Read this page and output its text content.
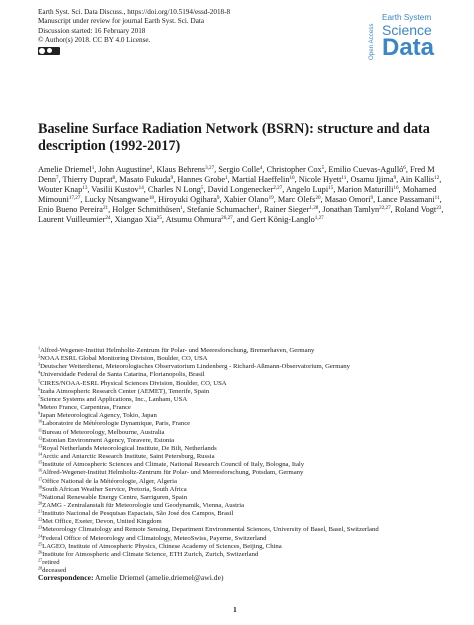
Earth Syst. Sci. Data Discuss., https://doi.org/10.5194/essd-2018-8
Manuscript under review for journal Earth Syst. Sci. Data
Discussion started: 16 February 2018
© Author(s) 2018. CC BY 4.0 License.	Open Access
Earth System
Science
Data
Baseline Surface Radiation Network (BSRN): structure and data description (1992-2017)
Amelie Driemel$^1$, John Augustine$^2$, Klaus Behrens$^{3,27}$, Sergio Colle$^4$, Christopher Cox$^5$, Emilio Cuevas-Agulló$^6$, Fred M Denn$^7$, Thierry Duprat$^8$, Masato Fukuda$^9$, Hannes Grobe$^1$, Martial Haeffelin$^{10}$, Nicole Hyett$^{11}$, Osamu Ijima$^9$, Ain Kallis$^{12}$, Wouter Knap$^{13}$, Vasilii Kustov$^{14}$, Charles N Long$^5$, David Longenecker$^{2,27}$, Angelo Lupi$^{15}$, Marion Maturilli$^{16}$, Mohamed Mimouni$^{17,27}$, Lucky Ntsangwane$^{18}$, Hiroyuki Ogihara$^9$, Xabier Olano$^{19}$, Marc Olefs$^{20}$, Masao Omori$^9$, Lance Passamani$^{11}$, Enio Bueno Pereira$^{21}$, Holger Schmithüsen$^1$, Stefanie Schumacher$^1$, Rainer Sieger$^{1,28}$, Jonathan Tamlyn$^{22,27}$, Roland Vogt$^{23}$, Laurent Vuilleumier$^{24}$, Xiangao Xia$^{25}$, Atsumu Ohmura$^{26,27}$, and Gert König-Langlo$^{1,27}$
$^1$Alfred-Wegener-Institut Helmholtz-Zentrum für Polar- und Meeresforschung, Bremerhaven, Germany
$^2$NOAA ESRL Global Monitoring Division, Boulder, CO, USA
$^3$Deutscher Wetterdienst, Meteorologisches Observatorium Lindenberg - Richard-Aßmann-Observatorium, Germany
$^4$Universidade Federal de Santa Catarina, Florianopolis, Brasil
$^5$CIRES/NOAA-ESRL Physical Sciences Division, Boulder, CO, USA
$^6$Izaña Atmospheric Research Center (AEMET), Tenerife, Spain
$^7$Science Systems and Applications, Inc., Lanham, USA
$^8$Meteo France, Carpentras, France
$^9$Japan Meteorological Agency, Tokio, Japan
$^{10}$Laboratoire de Météorologie Dynamique, Paris, France
$^{11}$Bureau of Meteorology, Melbourne, Australia
$^{12}$Estonian Environment Agency, Toravere, Estonia
$^{13}$Royal Netherlands Meteorological Institute, De Bilt, Netherlands
$^{14}$Arctic and Antarctic Research Institute, Saint Petersburg, Russia
$^{15}$Institute of Atmospheric Sciences and Climate, National Research Council of Italy, Bologna, Italy
$^{16}$Alfred-Wegener-Institut Helmholtz-Zentrum für Polar- und Meeresforschung, Potsdam, Germany
$^{17}$Office National de la Météorologie, Alger, Algeria
$^{18}$South African Weather Service, Pretoria, South Africa
$^{19}$National Renewable Energy Centre, Sarriguren, Spain
$^{20}$ZAMG - Zentralanstalt für Meteorologie und Geodynamik, Vienna, Austria
$^{21}$Instituto Nacional de Pesquisas Espaciais, São José dos Campos, Brasil
$^{22}$Met Office, Exeter, Devon, United Kingdom
$^{23}$Meteorology Climatology and Remote Sensing, Department Environmental Sciences, University of Basel, Basel, Switzerland
$^{24}$Federal Office of Meteorology and Climatology, MeteoSwiss, Payerne, Switzerland
$^{25}$LAGEO, Institute of Atmospheric Physics, Chinese Academy of Sciences, Beijing, China
$^{26}$Institute for Atmospheric and Climate Science, ETH Zurich, Zurich, Switzerland
$^{27}$retired
$^{28}$deceased
Correspondence: Amelie Driemel (amelie.driemel@awi.de)
1
